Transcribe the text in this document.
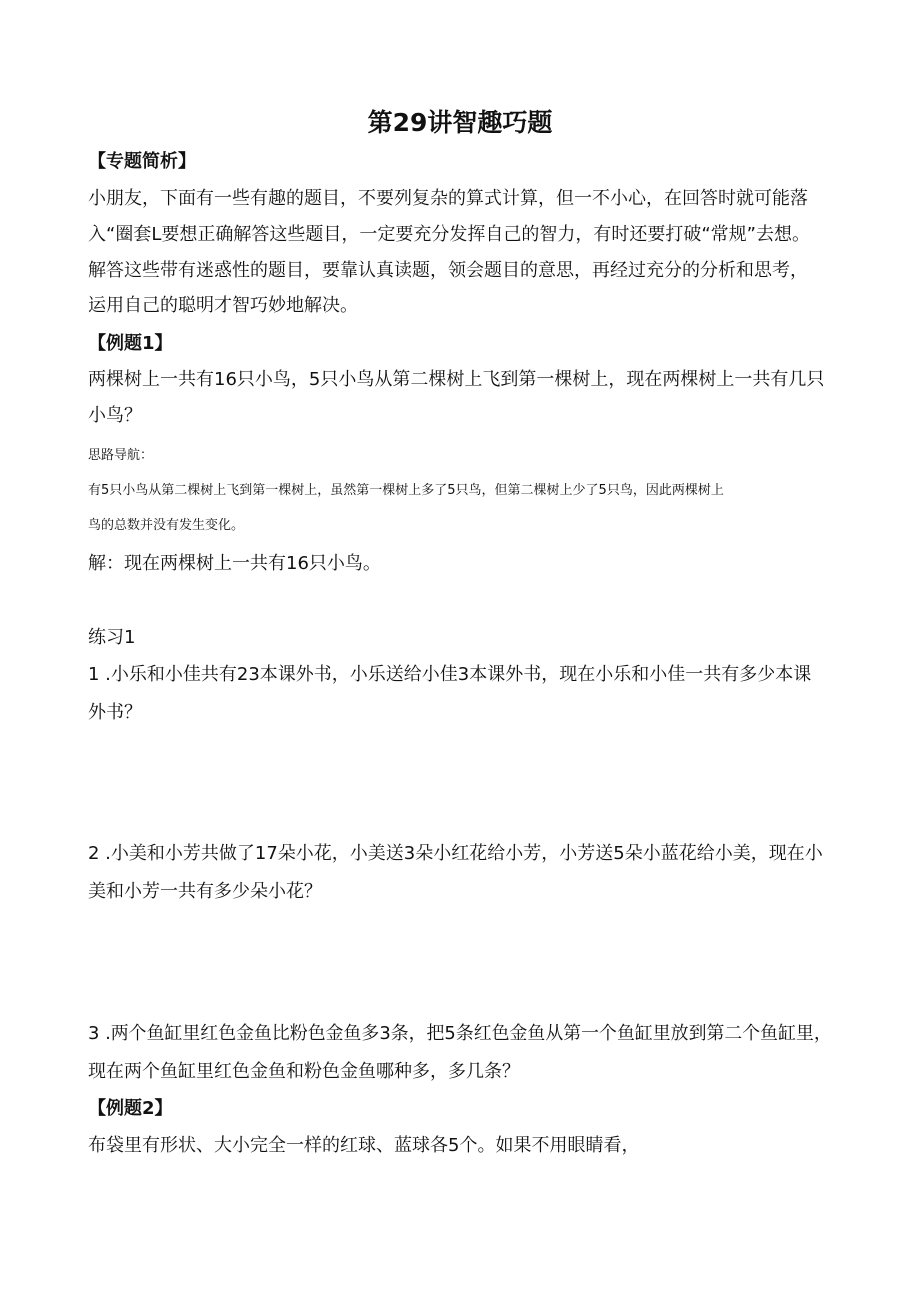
第29讲智趣巧题

【专题简析】

小朋友，下面有一些有趣的题目，不要列复杂的算式计算，但一不小心，在回答时就可能落

入“圈套L要想正确解答这些题目，一定要充分发挥自己的智力，有时还要打破“常规”去想。

解答这些带有迷惑性的题目，要靠认真读题，领会题目的意思，再经过充分的分析和思考，

运用自己的聪明才智巧妙地解决。

【例题1】

两棵树上一共有16只小鸟，5只小鸟从第二棵树上飞到第一棵树上，现在两棵树上一共有几只

小鸟？

思路导航：

有5只小鸟从第二棵树上飞到第一棵树上，虽然第一棵树上多了5只鸟，但第二棵树上少了5只鸟，因此两棵树上

鸟的总数并没有发生变化。

解：现在两棵树上一共有16只小鸟。

练习1

1 .小乐和小佳共有23本课外书，小乐送给小佳3本课外书，现在小乐和小佳一共有多少本课

外书？

2 .小美和小芳共做了17朵小花，小美送3朵小红花给小芳，小芳送5朵小蓝花给小美，现在小

美和小芳一共有多少朵小花？

3 .两个鱼缸里红色金鱼比粉色金鱼多3条，把5条红色金鱼从第一个鱼缸里放到第二个鱼缸里，

现在两个鱼缸里红色金鱼和粉色金鱼哪种多，多几条？

【例题2】

布袋里有形状、大小完全一样的红球、蓝球各5个。如果不用眼睛看，
